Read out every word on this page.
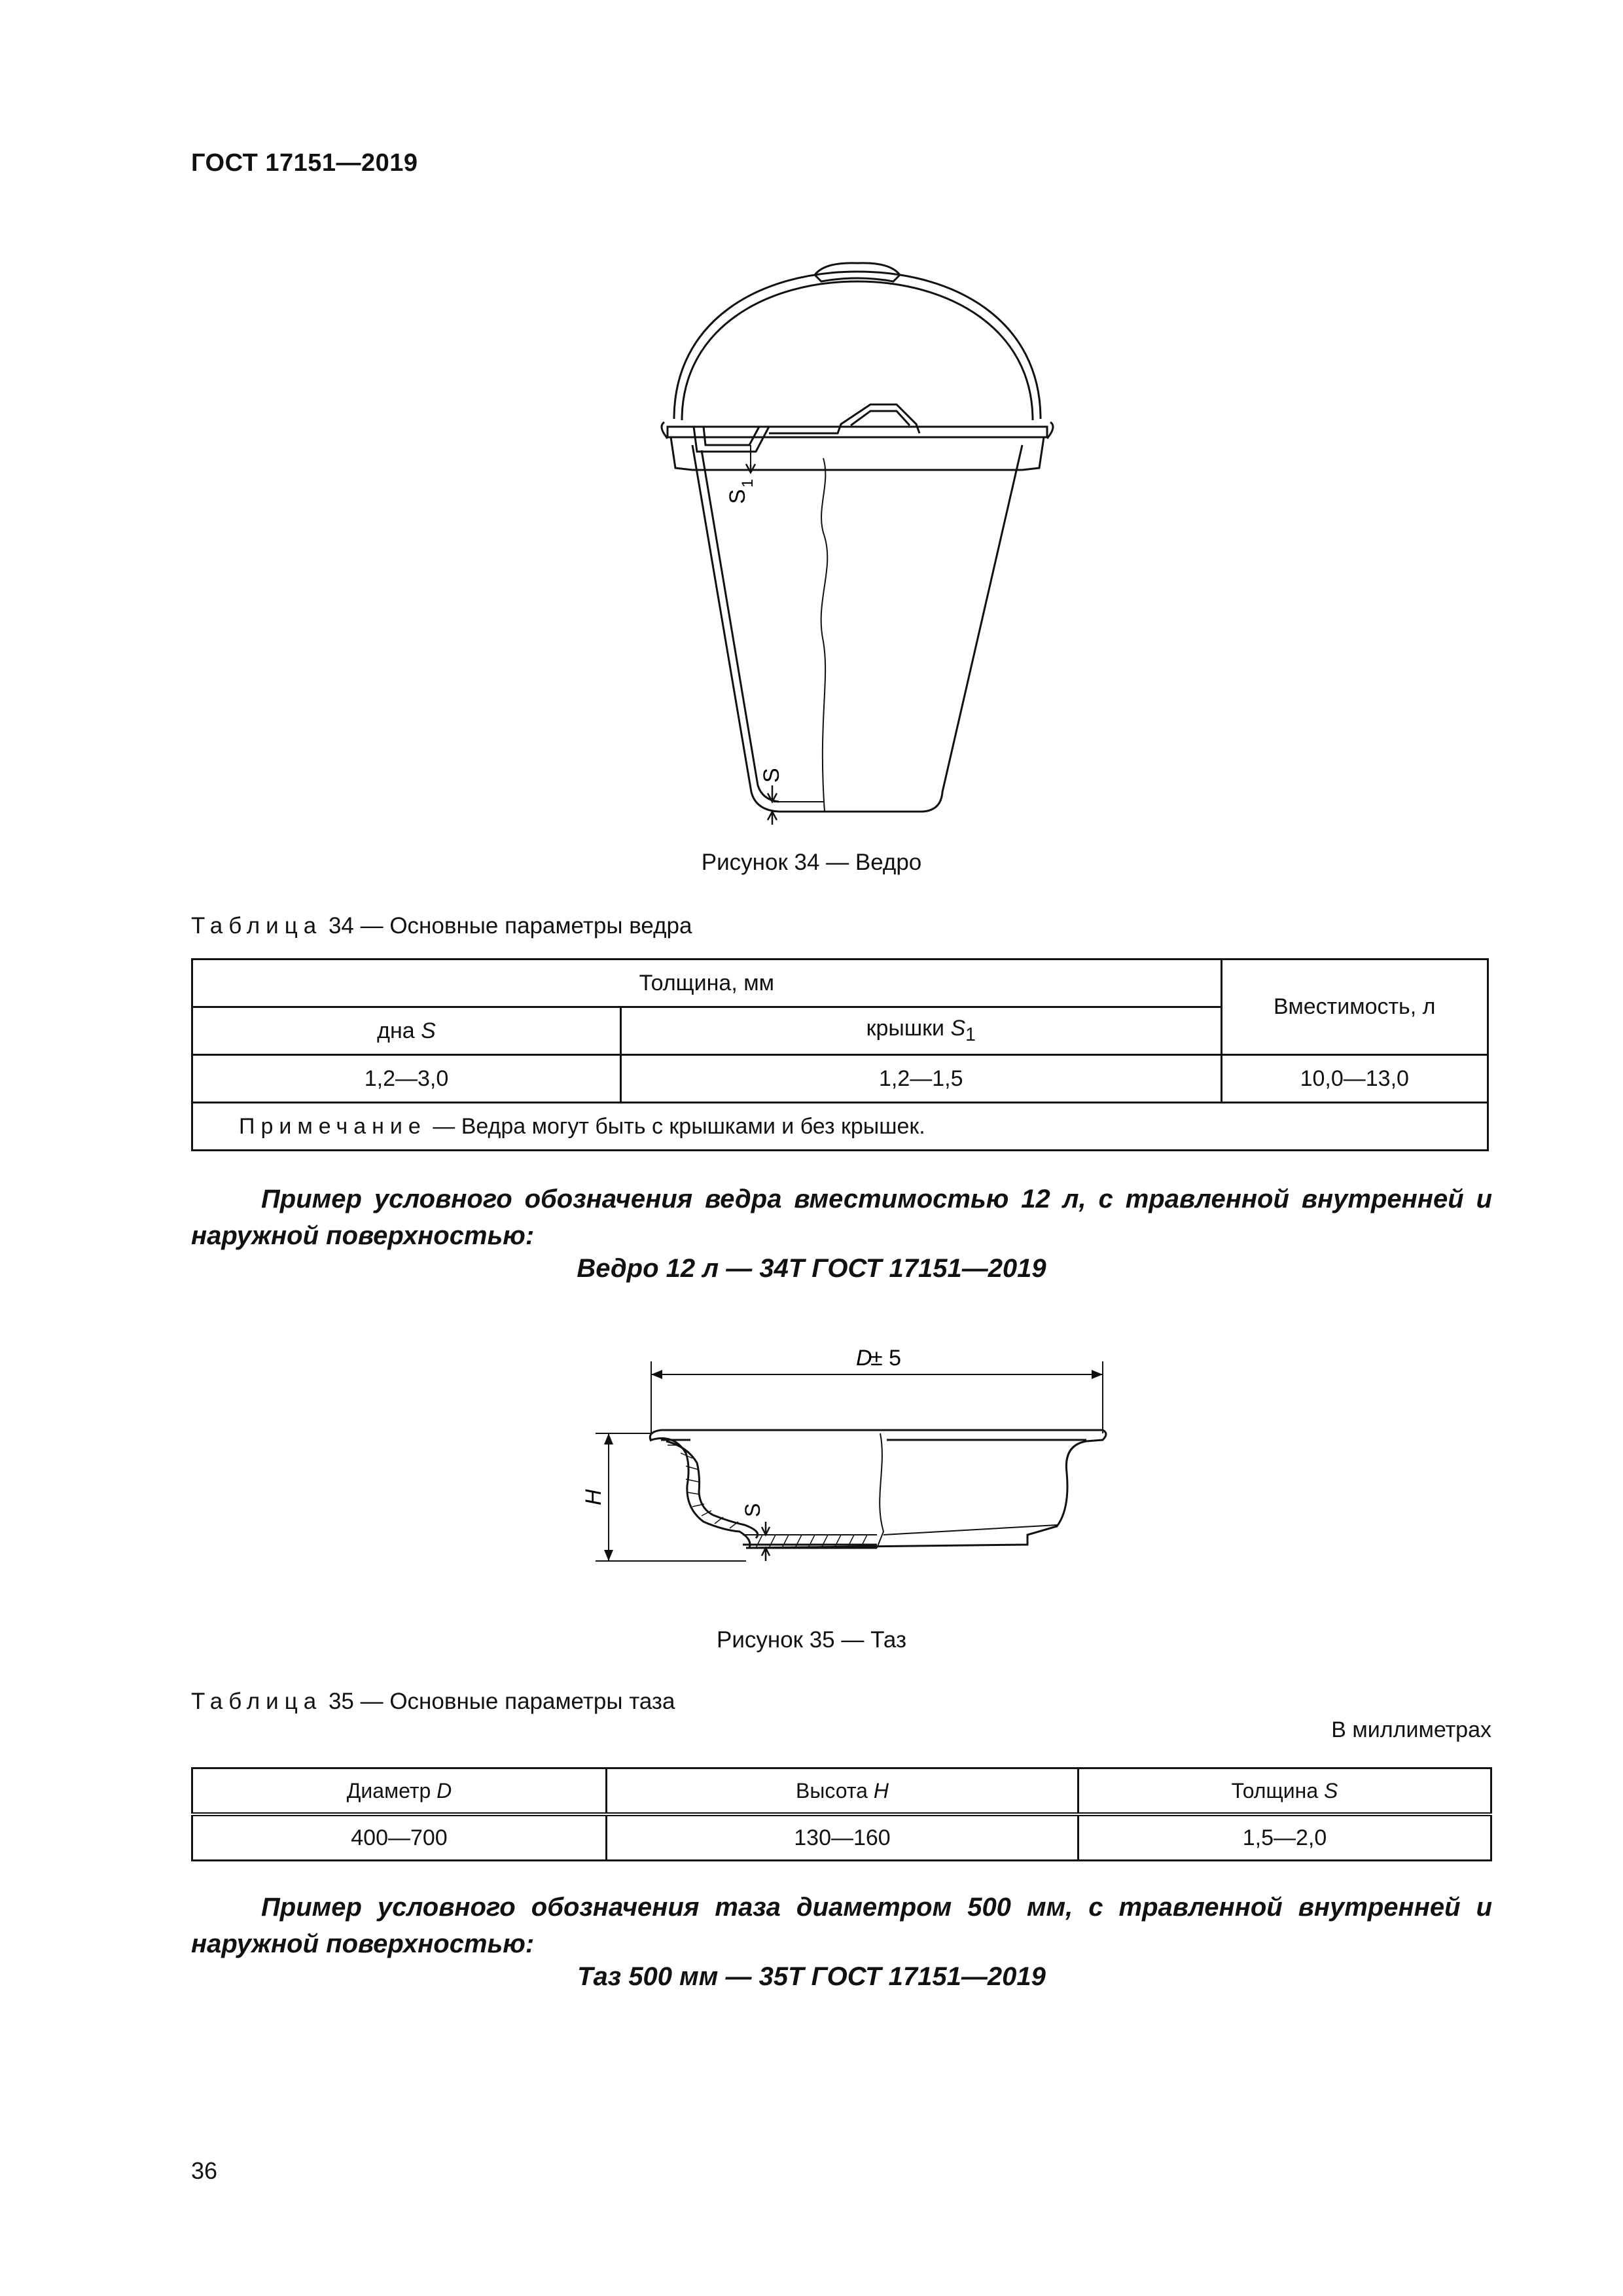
ГОСТ 17151—2019
S
1
S
Рисунок 34 — Ведро
Таблица 34 — Основные параметры ведра
Толщина, мм		Вместимость, л
дна S	крышки $S_1$
1,2—3,0	1,2—1,5	10,0—13,0
Примечание — Ведра могут быть с крышками и без крышек.		
Пример условного обозначения ведра вместимостью 12 л, с травленной внутренней и наружной поверхностью:
Ведро 12 л — 34Т ГОСТ 17151—2019
D
± 5
H
S
Рисунок 35 — Таз
Таблица 35 — Основные параметры таза
В миллиметрах
Диаметр D	Высота H	Толщина S
400—700	130—160	1,5—2,0
Пример условного обозначения таза диаметром 500 мм, с травленной внутренней и наружной поверхностью:
Таз 500 мм — 35Т ГОСТ 17151—2019
36
